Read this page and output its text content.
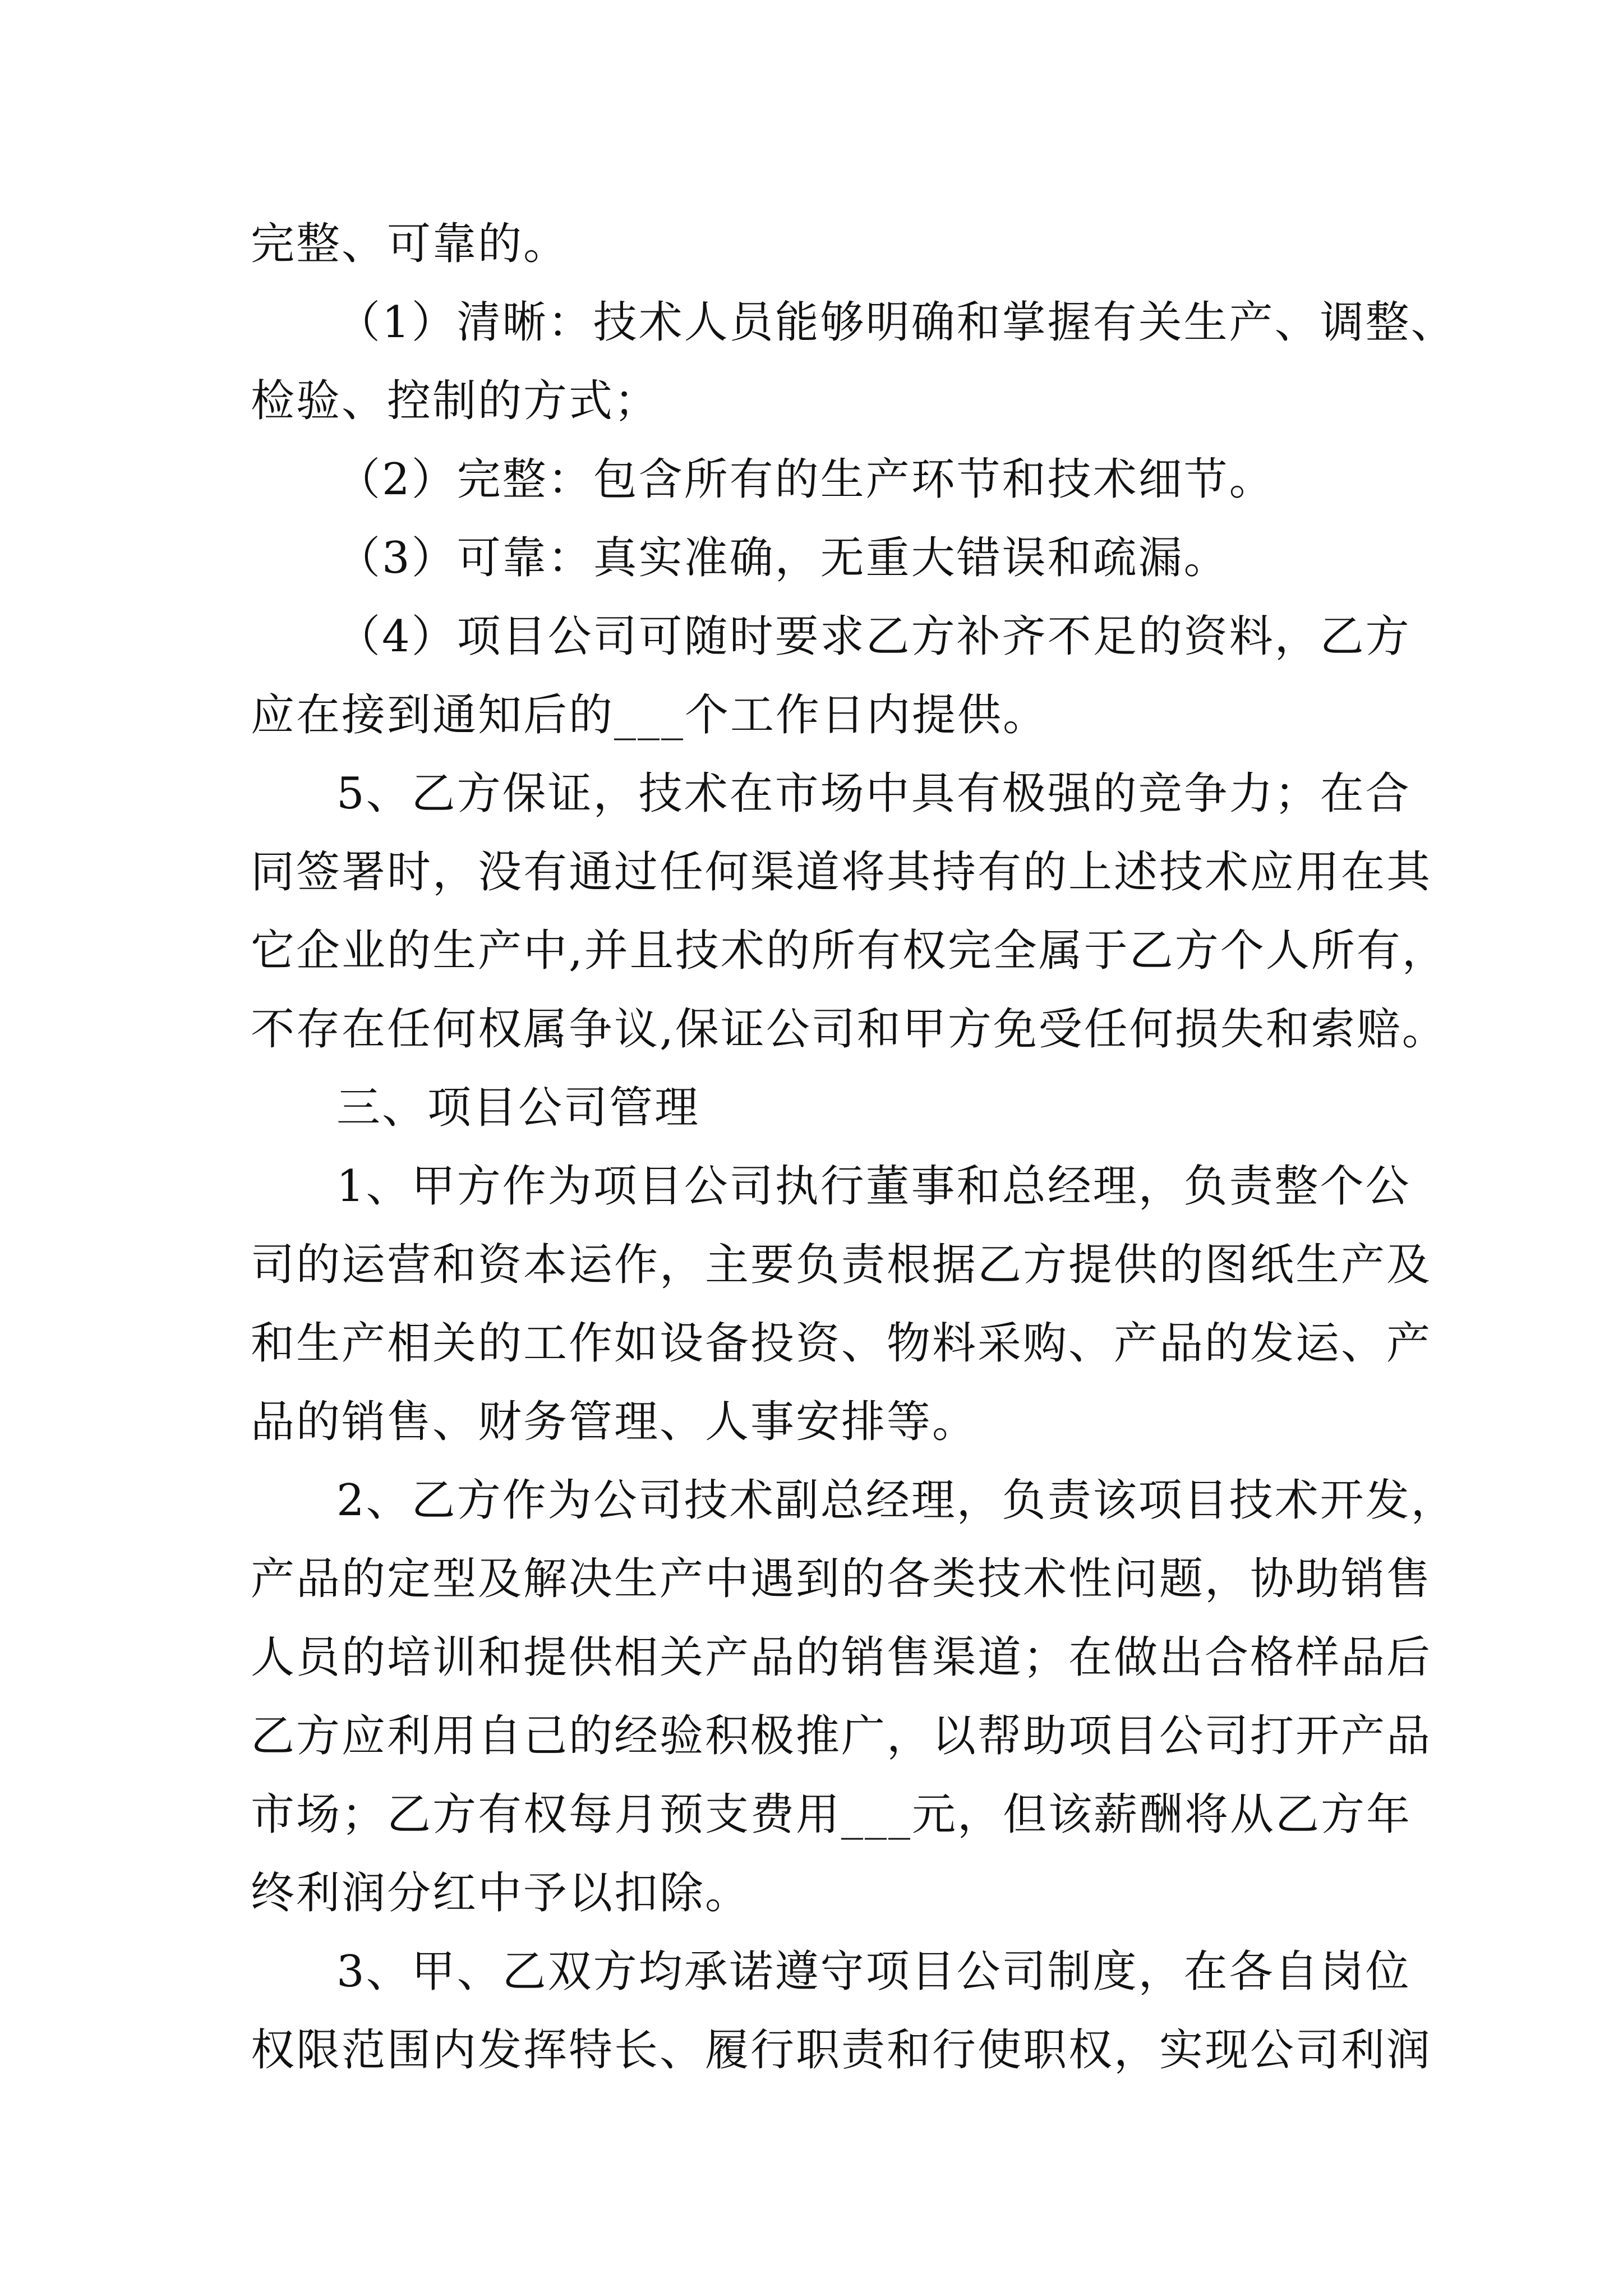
完整、可靠的。
（1）清晰：技术人员能够明确和掌握有关生产、调整、
检验、控制的方式；
（2）完整：包含所有的生产环节和技术细节。
（3）可靠：真实准确，无重大错误和疏漏。
（4）项目公司可随时要求乙方补齐不足的资料，乙方
应在接到通知后的___个工作日内提供。
5、乙方保证，技术在市场中具有极强的竞争力；在合
同签署时，没有通过任何渠道将其持有的上述技术应用在其
它企业的生产中,并且技术的所有权完全属于乙方个人所有，
不存在任何权属争议,保证公司和甲方免受任何损失和索赔。
三、项目公司管理
1、甲方作为项目公司执行董事和总经理，负责整个公
司的运营和资本运作，主要负责根据乙方提供的图纸生产及
和生产相关的工作如设备投资、物料采购、产品的发运、产
品的销售、财务管理、人事安排等。
2、乙方作为公司技术副总经理，负责该项目技术开发，
产品的定型及解决生产中遇到的各类技术性问题，协助销售
人员的培训和提供相关产品的销售渠道；在做出合格样品后
乙方应利用自己的经验积极推广，以帮助项目公司打开产品
市场；乙方有权每月预支费用___元，但该薪酬将从乙方年
终利润分红中予以扣除。
3、甲、乙双方均承诺遵守项目公司制度，在各自岗位
权限范围内发挥特长、履行职责和行使职权，实现公司利润
